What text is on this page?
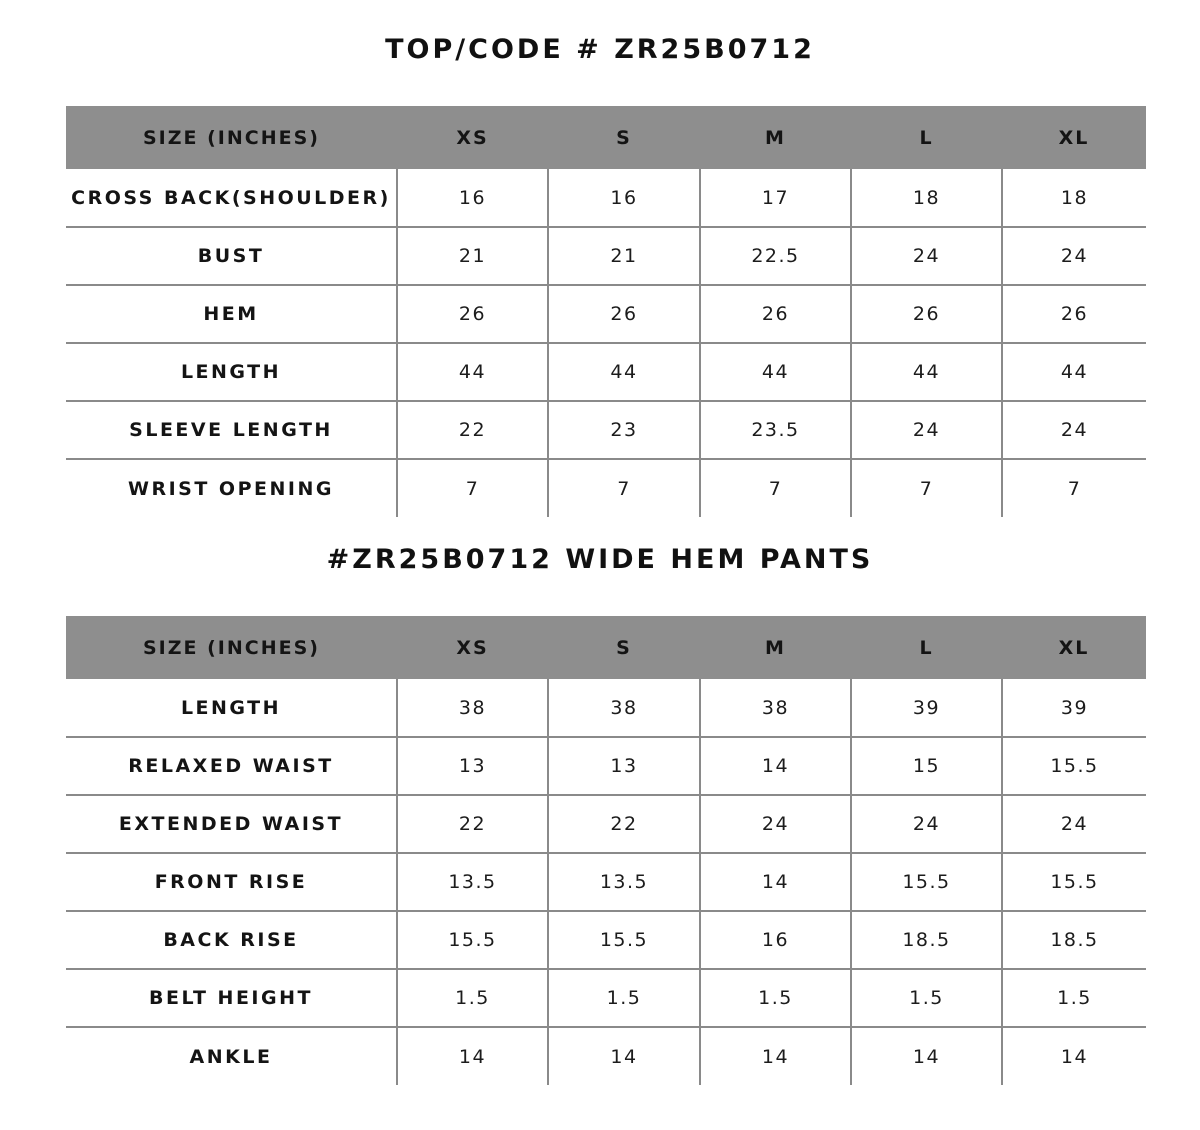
TOP/CODE # ZR25B0712
SIZE (INCHES)	XS	S	M	L	XL
CROSS BACK(SHOULDER)	16	16	17	18	18
BUST	21	21	22.5	24	24
HEM	26	26	26	26	26
LENGTH	44	44	44	44	44
SLEEVE LENGTH	22	23	23.5	24	24
WRIST OPENING	7	7	7	7	7
#ZR25B0712 WIDE HEM PANTS
SIZE (INCHES)	XS	S	M	L	XL
LENGTH	38	38	38	39	39
RELAXED WAIST	13	13	14	15	15.5
EXTENDED WAIST	22	22	24	24	24
FRONT RISE	13.5	13.5	14	15.5	15.5
BACK RISE	15.5	15.5	16	18.5	18.5
BELT HEIGHT	1.5	1.5	1.5	1.5	1.5
ANKLE	14	14	14	14	14
